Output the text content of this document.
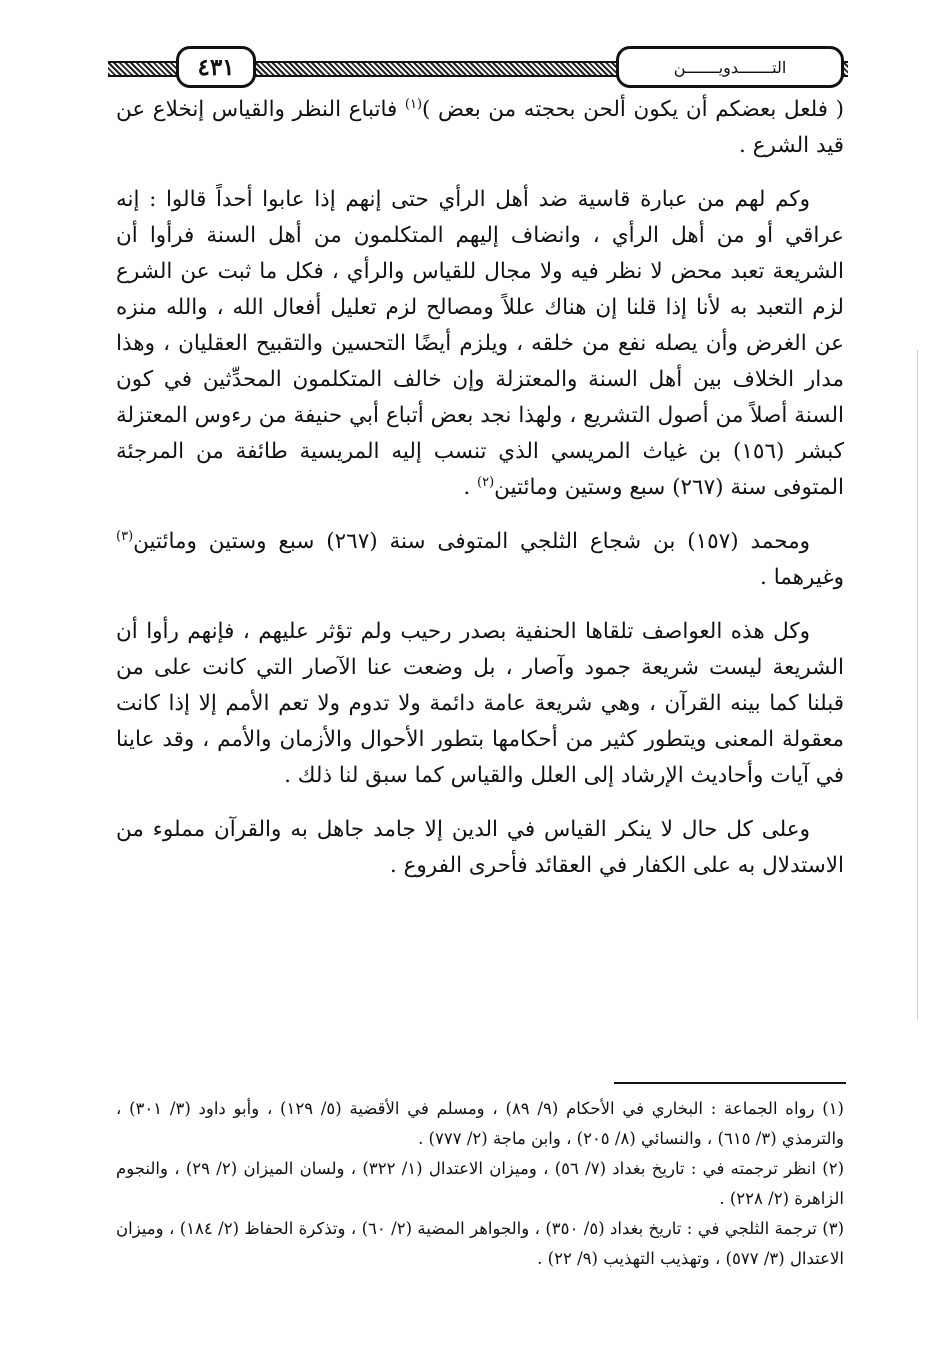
٤٣١	التـــــــدويـــــــن

( فلعل بعضكم أن يكون ألحن بحجته من بعض )$^{(١)}$ فاتباع النظر والقياس إنخلاع عن قيد الشرع .

وكم لهم من عبارة قاسية ضد أهل الرأي حتى إنهم إذا عابوا أحداً قالوا : إنه عراقي أو من أهل الرأي ، وانضاف إليهم المتكلمون من أهل السنة فرأوا أن الشريعة تعبد محض لا نظر فيه ولا مجال للقياس والرأي ، فكل ما ثبت عن الشرع لزم التعبد به لأنا إذا قلنا إن هناك عللاً ومصالح لزم تعليل أفعال الله ، والله منزه عن الغرض وأن يصله نفع من خلقه ، ويلزم أيضًا التحسين والتقبيح العقليان ، وهذا مدار الخلاف بين أهل السنة والمعتزلة وإن خالف المتكلمون المحدِّثين في كون السنة أصلاً من أصول التشريع ، ولهذا نجد بعض أتباع أبي حنيفة من رءوس المعتزلة كبشر (١٥٦) بن غياث المريسي الذي تنسب إليه المريسية طائفة من المرجئة المتوفى سنة (٢٦٧) سبع وستين ومائتين$^{(٢)}$ .

ومحمد (١٥٧) بن شجاع الثلجي المتوفى سنة (٢٦٧) سبع وستين ومائتين$^{(٣)}$ وغيرهما .

وكل هذه العواصف تلقاها الحنفية بصدر رحيب ولم تؤثر عليهم ، فإنهم رأوا أن الشريعة ليست شريعة جمود وآصار ، بل وضعت عنا الآصار التي كانت على من قبلنا كما بينه القرآن ، وهي شريعة عامة دائمة ولا تدوم ولا تعم الأمم إلا إذا كانت معقولة المعنى ويتطور كثير من أحكامها بتطور الأحوال والأزمان والأمم ، وقد عاينا في آيات وأحاديث الإرشاد إلى العلل والقياس كما سبق لنا ذلك .

وعلى كل حال لا ينكر القياس في الدين إلا جامد جاهل به والقرآن مملوء من الاستدلال به على الكفار في العقائد فأحرى الفروع .

(١) رواه الجماعة : البخاري في الأحكام (٩/ ٨٩) ، ومسلم في الأقضية (٥/ ١٢٩) ، وأبو داود (٣/ ٣٠١) ، والترمذي (٣/ ٦١٥) ، والنسائي (٨/ ٢٠٥) ، وابن ماجة (٢/ ٧٧٧) .

(٢) انظر ترجمته في : تاريخ بغداد (٧/ ٥٦) ، وميزان الاعتدال (١/ ٣٢٢) ، ولسان الميزان (٢/ ٢٩) ، والنجوم الزاهرة (٢/ ٢٢٨) .

(٣) ترجمة الثلجي في : تاريخ بغداد (٥/ ٣٥٠) ، والجواهر المضية (٢/ ٦٠) ، وتذكرة الحفاظ (٢/ ١٨٤) ، وميزان الاعتدال (٣/ ٥٧٧) ، وتهذيب التهذيب (٩/ ٢٢) .
